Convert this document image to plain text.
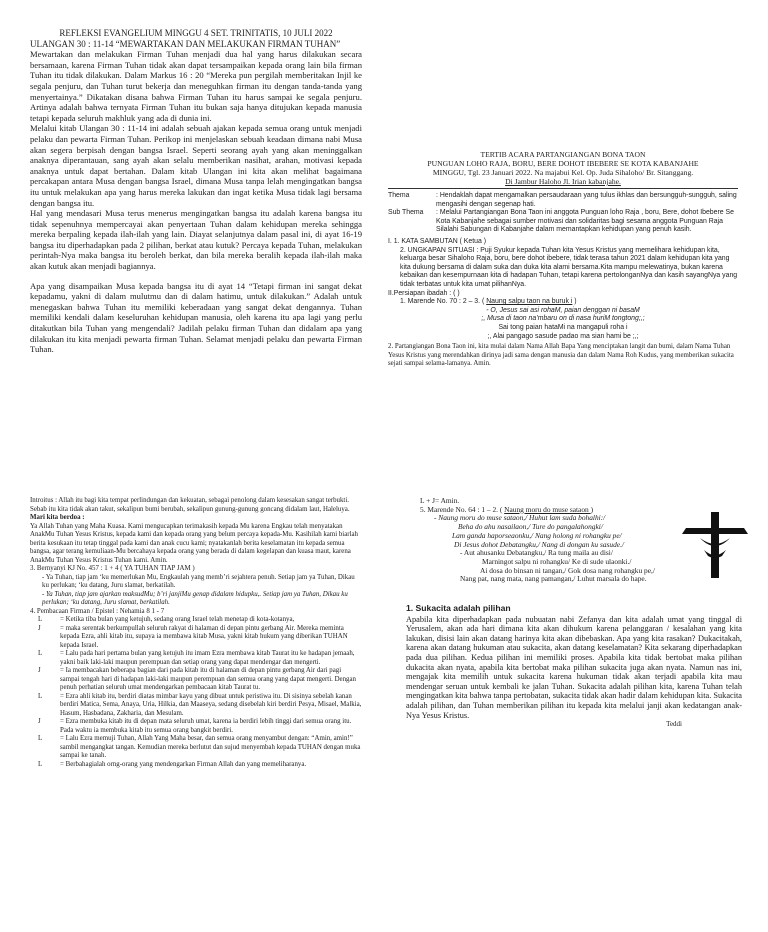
REFLEKSI EVANGELIUM MINGGU 4 SET. TRINITATIS, 10 JULI 2022

ULANGAN 30 : 11-14 “MEWARTAKAN DAN MELAKUKAN FIRMAN TUHAN”

Mewartakan dan melakukan Firman Tuhan menjadi dua hal yang harus dilakukan secara bersamaan, karena Firman Tuhan tidak akan dapat tersampaikan kepada orang lain bila firman Tuhan itu tidak dilakukan. Dalam Markus 16 : 20 “Mereka pun pergilah memberitakan Injil ke segala penjuru, dan Tuhan turut bekerja dan meneguhkan firman itu dengan tanda-tanda yang menyertainya.” Dikatakan disana bahwa Firman Tuhan itu harus sampai ke segala penjuru. Artinya adalah bahwa ternyata Firman Tuhan itu bukan saja hanya ditujukan kepada manusia tetapi kepada seluruh makhluk yang ada di dunia ini.

Melalui kitab Ulangan 30 : 11-14 ini adalah sebuah ajakan kepada semua orang untuk menjadi pelaku dan pewarta Firman Tuhan. Perikop ini menjelaskan sebuah keadaan dimana nabi Musa akan segera berpisah dengan bangsa Israel. Seperti seorang ayah yang akan meninggalkan anaknya diperantauan, sang ayah akan selalu memberikan nasihat, arahan, motivasi kepada anaknya untuk dapat bertahan. Dalam kitab Ulangan ini kita akan melihat bagaimana percakapan antara Musa dengan bangsa Israel, dimana Musa tanpa lelah mengingatkan bangsa itu untuk melakukan apa yang harus mereka lakukan dan ingat ketika Musa tidak lagi bersama dengan bangsa itu.

Hal yang mendasari Musa terus menerus mengingatkan bangsa itu adalah karena bangsa itu tidak sepenuhnya mempercayai akan penyertaan Tuhan dalam kehidupan mereka sehingga mereka berpaling kepada ilah-ilah yang lain. Diayat selanjutnya dalam pasal ini, di ayat 16-19 bangsa itu diperhadapkan pada 2 pilihan, berkat atau kutuk? Percaya kepada Tuhan, melakukan perintah-Nya maka bangsa itu beroleh berkat, dan bila mereka beralih kepada ilah-ilah maka akan kutuk akan menjadi bagiannya.

Apa yang disampaikan Musa kepada bangsa itu di ayat 14 “Tetapi firman ini sangat dekat kepadamu, yakni di dalam mulutmu dan di dalam hatimu, untuk dilakukan.” Adalah untuk menegaskan bahwa Tuhan itu memiliki keberadaan yang sangat dekat dengannya. Tuhan memiliki kendali dalam keseluruhan kehidupan manusia, oleh karena itu apa lagi yang perlu ditakutkan bila Tuhan yang mengendali? Jadilah pelaku firman Tuhan dan didalam apa yang dilakukan itu kita menjadi pewarta firman Tuhan. Selamat menjadi pelaku dan pewarta Firman Tuhan.

TERTIB ACARA PARTANGIANGAN BONA TAON
PUNGUAN LOHO RAJA, BORU, BERE DOHOT IBEBERE SE KOTA KABANJAHE
MINGGU, Tgl. 23 Januari 2022. Na majabui Kel. Op. Juda Sihaloho/ Br. Sitanggang.
Di Jambur Haloho Jl. Irian kabanjahe.
Thema	: Hendaklah dapat mengamalkan persaudaraan yang tulus ikhlas dan bersungguh-sungguh, saling mengasihi dengan segenap hati.
Sub Thema	: Melalui Partangiangan Bona Taon ini anggota Punguan loho Raja , boru, Bere, dohot Ibebere Se Kota Kabanjahe sebagai sumber motivasi dan solidaritas bagi sesama anggota Punguan Raja Silalahi Sabungan di Kabanjahe dalam memantapkan kehidupan yang penuh kasih.
I. 1. KATA SAMBUTAN ( Ketua )
2. UNGKAPAN SITUASI : Puji Syukur kepada Tuhan kita Yesus Kristus yang memelihara kehidupan kita, keluarga besar Sihaloho Raja, boru, bere dohot ibebere, tidak terasa tahun 2021 dalam kehidupan kita yang kita dukung bersama di dalam suka dan duka kita alami bersama.Kita mampu melewatinya, bukan karena kebaikan dan kesempurnaan kita di hadapan Tuhan, tetapi karena pertolonganNya dan kasih sayangNya yang tidak terbatas untuk kita umat pilihanNya.
II.Persiapan ibadah : ( )
1. Marende No. 70 : 2 – 3. ( Naung salpu taon na buruk i )
- O, Jesus sai asi rohaM, paian denggan ni basaM
;, Musa di taon na’mbaru on di nasa huriM tongtong;,;
Sai tong paian hataMi na mangapuli roha i
;, Alai pangago sasude padao ma sian hami be ;,;
2. Partangiangan Bona Taon ini, kita mulai dalam Nama Allah Bapa Yang menciptakan langit dan bumi, dalam Nama Tuhan Yesus Kristus yang merendahkan dirinya jadi sama dengan manusia dan dalam Nama Roh Kudus, yang memberikan sukacita sejati sampai selama-lamanya. Amin.

Introitus : Allah itu bagi kita tempat perlindungan dan kekuatan, sebagai penolong dalam kesesakan sangat terbukti. Sebab itu kita tidak akan takut, sekalipun bumi berubah, sekalipun gunung-gunung goncang didalam laut, Haleluya.

Mari kita berdoa :

Ya Allah Tuhan yang Maha Kuasa. Kami mengucapkan terimakasih kepada Mu karena Engkau telah menyatakan AnakMu Tuhan Yesus Kristus, kepada kami dan kepada orang yang belum percaya kepada-Mu. Kasihilah kami biarlah berita kesukaan itu tetap tinggal pada kami dan anak cucu kami; nyatakanlah berita keselamatan itu kepada semua bangsa, agar terang kemuliaan-Mu bercahaya kepada orang yang berada di dalam kegelapan dan kuasa maut, karena AnakMu Tuhan Yesus Kristus Tuhan kami. Amin.

3. Bernyanyi KJ No. 457 : 1 + 4 ( YA TUHAN TIAP JAM )

- Ya Tuhan, tiap jam ‘ku memerlukan Mu, Engkaulah yang memb’ri sejahtera penuh. Setiap jam ya Tuhan, Dikau ku perlukan; ‘ku datang, Juru slamat, berkatilah.

- Ya Tuhan, tiap jam ajarkan maksudMu; b’ri janjiMu genap didalam hidupku,. Setiap jam ya Tuhan, Dikau ku perlukan; ‘ku datang, Juru slamat, berkatilah.

4. Pembacaan Firman / Epistel : Nehamia 8 1 - 7

L	= Ketika tiba bulan yang ketujuh, sedang orang Israel telah menetap di kota-kotanya,
J	= maka serentak berkumpullah seluruh rakyat di halaman di depan pintu gerbang Air. Mereka meminta kepada Ezra, ahli kitab itu, supaya ia membawa kitab Musa, yakni kitab hukum yang diberikan TUHAN kepada Israel.
L	= Lalu pada hari pertama bulan yang ketujuh itu imam Ezra membawa kitab Taurat itu ke hadapan jemaah, yakni baik laki-laki maupun perempuan dan setiap orang yang dapat mendengar dan mengerti.
J	= Ia membacakan beberapa bagian dari pada kitab itu di halaman di depan pintu gerbang Air dari pagi sampai tengah hari di hadapan laki-laki maupun perempuan dan semua orang yang dapat mengerti. Dengan penuh perhatian seluruh umat mendengarkan pembacaan kitab Taurat tu.
L	= Ezra ahli kitab itu, berdiri diatas mimbar kayu yang dibuat untuk peristiwa itu. Di sisinya sebelah kanan berdiri Matica, Sema, Anaya, Uria, Hilkia, dan Maaseya, sedang disebelah kiri berdiri Pesya, Misael, Malkia, Hasum, Hasbadana, Zakharia, dan Mesulam.
J	= Ezra membuka kitab itu di depan mata seluruh umat, karena ia berdiri lebih tinggi dari semua orang itu. Pada waktu ia membuka kitab itu semua orang bangkit berdiri.
L	= Lalu Ezra memuji Tuhan, Allah Yang Maha besar, dan semua orang menyambut dengan: “Amin, amin!” sambil mengangkat tangan. Kemudian mereka berlutut dan sujud menyembah kepada TUHAN dengan muka sampai ke tanah.
L	= Berbahagialah orng-orang yang mendengarkan Firman Allah dan yang memeliharanya.
L + J= Amin.
5. Marende No. 64 : 1 – 2. ( Naung moru do muse sataon )
- Naung moru do muse sataon,/ Huhut lam suda bohalhi:/
Beha do ahu nasailaon,/ Ture do pangalahongki/
Lam ganda haporseaonku,/ Nang holong ni rohangku pe/
Di Jesus dohot Debatangku,/ Nang di dongan ku sasude./
- Aut ahusanku Debatangku,/ Ra tung maila au disi/
Marningot salpu ni rohangku/ Ke di sude ulaonki./
Ai dosa do binsan ni tangan,/ Gok dosa nang rohangku pe,/
Nang pat, nang mata, nang pamangan,/ Luhut marsala do hape.
1. Sukacita adalah pilihan

Apabila kita diperhadapkan pada nubuatan nabi Zefanya dan kita adalah umat yang tinggal di Yerusalem, akan ada hari dimana kita akan dihukum karena pelanggaran / kesalahan yang kita lakukan, disisi lain akan datang harinya kita akan dibebaskan. Apa yang kita rasakan? Dukacitakah, karena akan datang hukuman atau sukacita, akan datang keselamatan? Kita sekarang diperhadapkan pada dua pilihan. Kedua pilihan ini memiliki proses. Apabila kita tidak bertobat maka pilihan dukacita akan nyata, apabila kita bertobat maka pilihan sukacita juga akan nyata. Namun nas ini, mengajak kita memilih untuk sukacita karena hukuman tidak akan terjadi apabila kita mau mendengar seruan untuk kembali ke jalan Tuhan. Sukacita adalah pilihan kita, karena Tuhan telah mengingatkan kita bahwa tanpa pertobatan, sukacita tidak akan hadir dalam kehidupan kita. Sukacita adalah pilihan, dan Tuhan memberikan pilihan itu kepada kita melalui janji akan kedatangan anak-Nya Yesus Kristus.

Teddi
